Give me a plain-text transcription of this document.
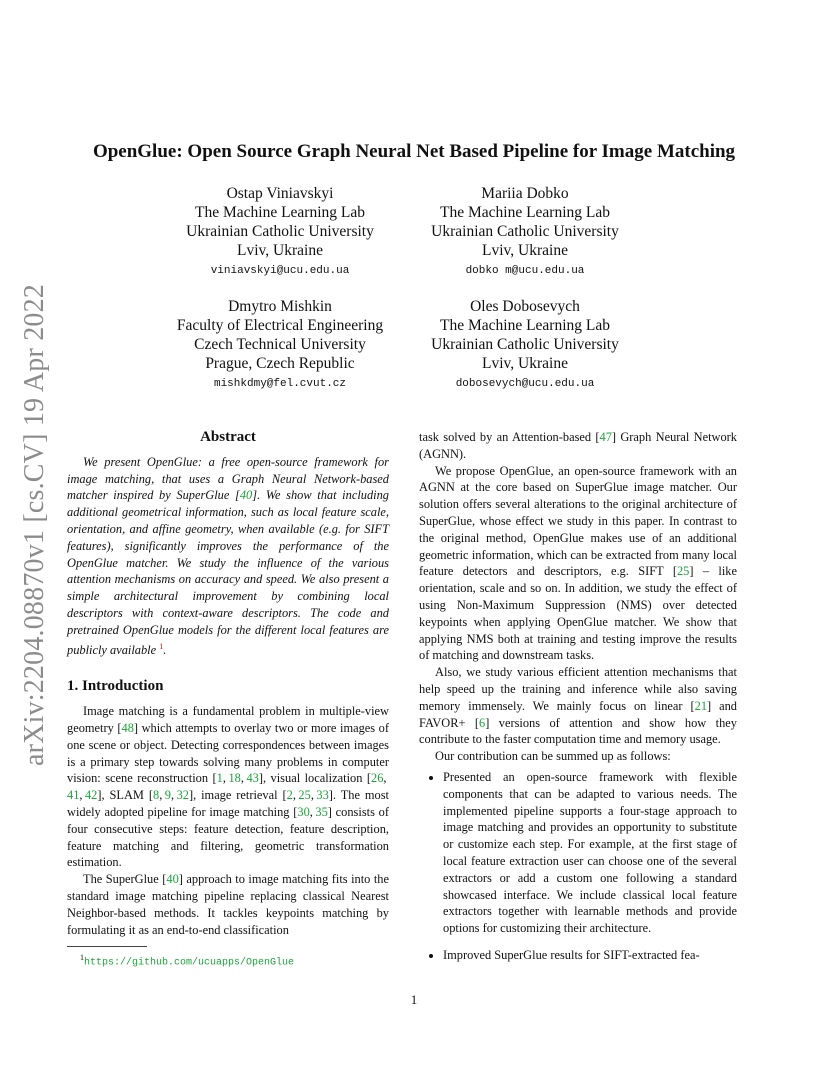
arXiv:2204.08870v1 [cs.CV] 19 Apr 2022
OpenGlue: Open Source Graph Neural Net Based Pipeline for Image Matching
Ostap Viniavskyi
The Machine Learning Lab
Ukrainian Catholic University
Lviv, Ukraine
viniavskyi@ucu.edu.ua
Mariia Dobko
The Machine Learning Lab
Ukrainian Catholic University
Lviv, Ukraine
dobko m@ucu.edu.ua
Dmytro Mishkin
Faculty of Electrical Engineering
Czech Technical University
Prague, Czech Republic
mishkdmy@fel.cvut.cz
Oles Dobosevych
The Machine Learning Lab
Ukrainian Catholic University
Lviv, Ukraine
dobosevych@ucu.edu.ua
Abstract

We present OpenGlue: a free open-source framework for image matching, that uses a Graph Neural Network-based matcher inspired by SuperGlue [40]. We show that including additional geometrical information, such as local feature scale, orientation, and affine geometry, when available (e.g. for SIFT features), significantly improves the performance of the OpenGlue matcher. We study the influence of the various attention mechanisms on accuracy and speed. We also present a simple architectural improvement by combining local descriptors with context-aware descriptors. The code and pretrained OpenGlue models for the different local features are publicly available $^1$.

1. Introduction

Image matching is a fundamental problem in multiple-view geometry [48] which attempts to overlay two or more images of one scene or object. Detecting correspondences between images is a primary step towards solving many problems in computer vision: scene reconstruction [1, 18, 43], visual localization [26, 41, 42], SLAM [8, 9, 32], image retrieval [2, 25, 33]. The most widely adopted pipeline for image matching [30, 35] consists of four consecutive steps: feature detection, feature description, feature matching and filtering, geometric transformation estimation.

The SuperGlue [40] approach to image matching fits into the standard image matching pipeline replacing classical Nearest Neighbor-based methods. It tackles keypoints matching by formulating it as an end-to-end classification

$^1$https://github.com/ucuapps/OpenGlue

task solved by an Attention-based [47] Graph Neural Network (AGNN).

We propose OpenGlue, an open-source framework with an AGNN at the core based on SuperGlue image matcher. Our solution offers several alterations to the original architecture of SuperGlue, whose effect we study in this paper. In contrast to the original method, OpenGlue makes use of an additional geometric information, which can be extracted from many local feature detectors and descriptors, e.g. SIFT [25] – like orientation, scale and so on. In addition, we study the effect of using Non-Maximum Suppression (NMS) over detected keypoints when applying OpenGlue matcher. We show that applying NMS both at training and testing improve the results of matching and downstream tasks.

Also, we study various efficient attention mechanisms that help speed up the training and inference while also saving memory immensely. We mainly focus on linear [21] and FAVOR+ [6] versions of attention and show how they contribute to the faster computation time and memory usage.

Our contribution can be summed up as follows:

• Presented an open-source framework with flexible components that can be adapted to various needs. The implemented pipeline supports a four-stage approach to image matching and provides an opportunity to substitute or customize each step. For example, at the first stage of local feature extraction user can choose one of the several extractors or add a custom one following a standard showcased interface. We include classical local feature extractors together with learnable methods and provide options for customizing their architecture.
• Improved SuperGlue results for SIFT-extracted fea-
1
